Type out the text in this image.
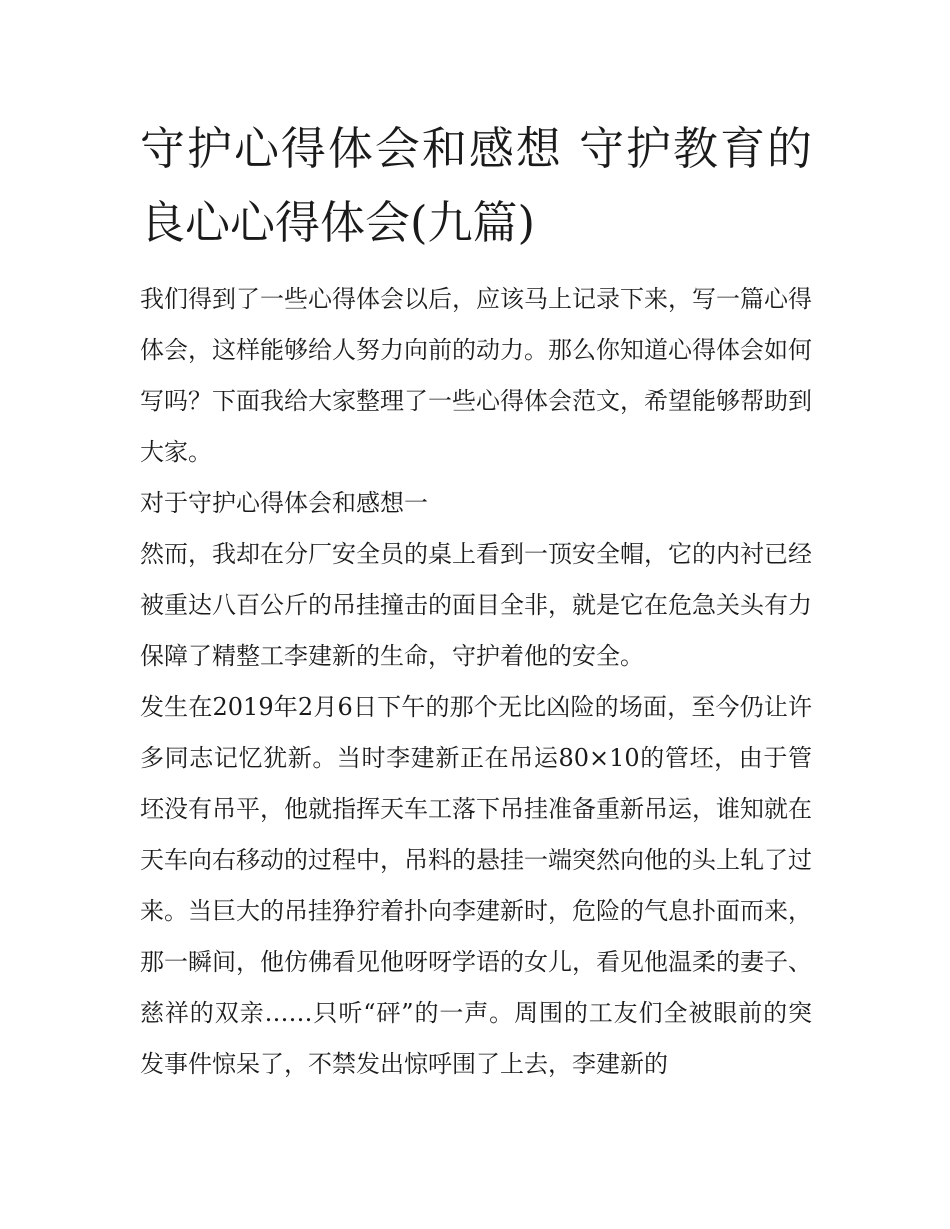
守护心得体会和感想 守护教育的良心心得体会(九篇)

我们得到了一些心得体会以后，应该马上记录下来，写一篇心得体会，这样能够给人努力向前的动力。那么你知道心得体会如何写吗？下面我给大家整理了一些心得体会范文，希望能够帮助到大家。

对于守护心得体会和感想一

然而，我却在分厂安全员的桌上看到一顶安全帽，它的内衬已经被重达八百公斤的吊挂撞击的面目全非，就是它在危急关头有力保障了精整工李建新的生命，守护着他的安全。

发生在2019年2月6日下午的那个无比凶险的场面，至今仍让许多同志记忆犹新。当时李建新正在吊运80×10的管坯，由于管坯没有吊平，他就指挥天车工落下吊挂准备重新吊运，谁知就在天车向右移动的过程中，吊料的悬挂一端突然向他的头上轧了过来。当巨大的吊挂狰狞着扑向李建新时，危险的气息扑面而来，那一瞬间，他仿佛看见他呀呀学语的女儿，看见他温柔的妻子、慈祥的双亲……只听“砰”的一声。周围的工友们全被眼前的突发事件惊呆了，不禁发出惊呼围了上去，李建新的
